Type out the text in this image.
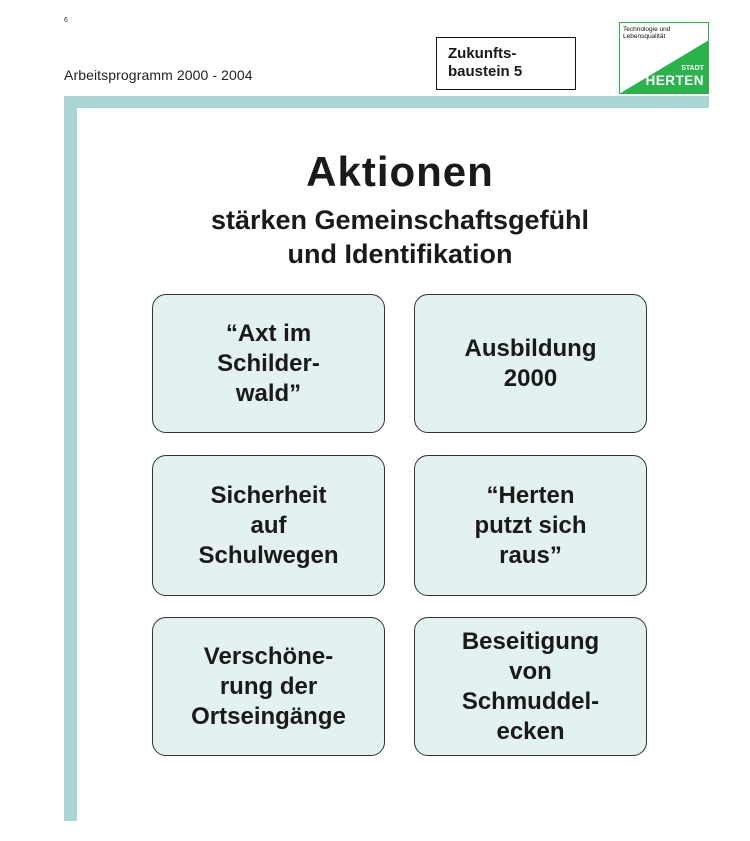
6
Arbeitsprogramm 2000 - 2004
Zukunfts-
baustein 5
Technologie und
Lebensqualität
STADT
HERTEN
Aktionen
stärken Gemeinschaftsgefühl
und Identifikation
“Axt im
Schilder-
wald”
Ausbildung
2000
Sicherheit
auf
Schulwegen
“Herten
putzt sich
raus”
Verschöne-
rung der
Ortseingänge
Beseitigung
von
Schmuddel-
ecken
